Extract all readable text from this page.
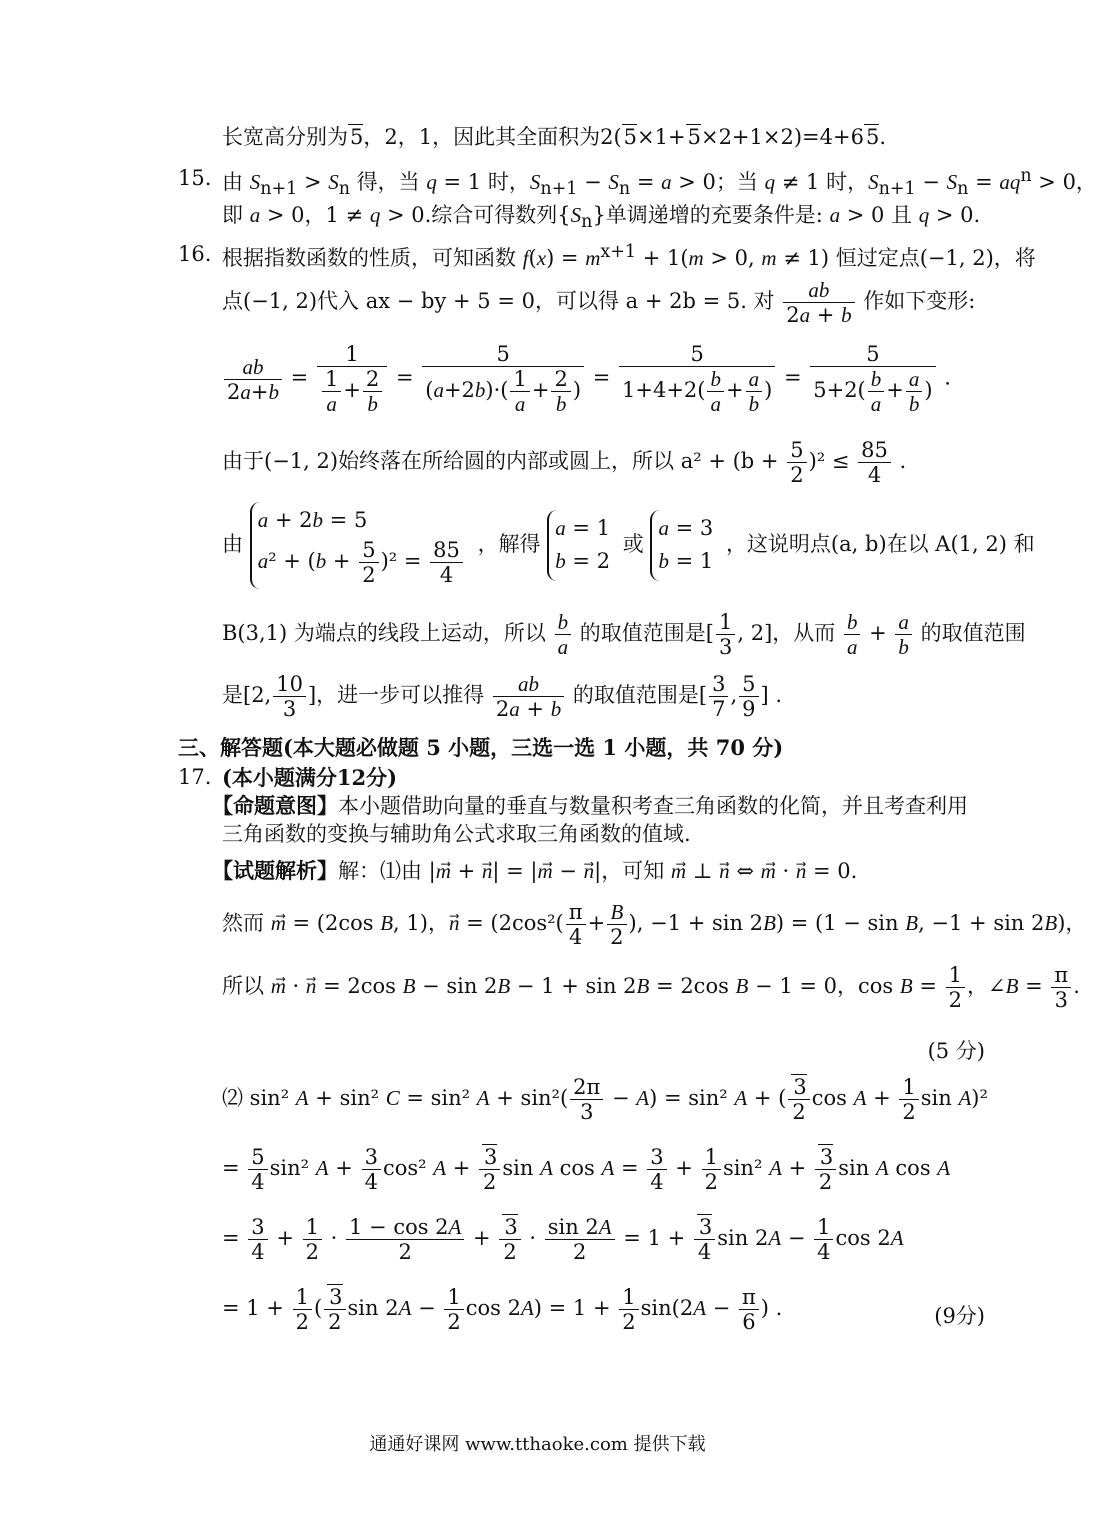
长宽高分别为5，2，1，因此其全面积为2(5×1+5×2+1×2)=4+65.
15. 由 $S_{n+1} > S_n$ 得，当 q = 1 时，$S_{n+1} - S_n = a > 0$；当 q ≠ 1 时，$S_{n+1} - S_n = aq^n > 0$，
即 a > 0，1 ≠ q > 0.综合可得数列$\{S_n\}$单调递增的充要条件是: a > 0 且 q > 0.
16. 根据指数函数的性质，可知函数 $f(x) = m^{x+1} + 1(m > 0$, m ≠ 1) 恒过定点(−1, 2)，将
点(−1, 2)代入 ax − by + 5 = 0，可以得 a + 2b = 5. 对 $\frac{ab}{2a + b}$ 作如下变形:
$\frac{ab}{2a+b} = \frac{1}{\frac{1}{a} + \frac{2}{b}} = \frac{5}{(a+2b)\cdot( \frac{1}{a} + \frac{2}{b} )} = \frac{5}{1+4+2( \frac{b}{a} + \frac{a}{b} )} = \frac{5}{5+2( \frac{b}{a} + \frac{a}{b} )}$ .
由于(−1, 2)始终落在所给圆的内部或圆上，所以 $a^2 + (b + \frac{5}{2} )^2 \le \frac{85}{4}$ .
由
a + 2b = 5
$a^2 + (b + \frac{5}{2} )^2 = \frac{85}{4}$ ，解得
a = 1
b = 2
或
a = 3
b = 1
，这说明点(a, b)在以 A(1, 2) 和
B(3,1) 为端点的线段上运动，所以 $\frac{b}{a}$ 的取值范围是[ $\frac{1}{3}$ , 2]，从而 $\frac{b}{a} + \frac{a}{b}$ 的取值范围
是[2, $\frac{10}{3}$ ]，进一步可以推得 $\frac{ab}{2a + b}$ 的取值范围是[ $\frac{3}{7}$ , $\frac{5}{9}$ ] .
三、解答题(本大题必做题 5 小题，三选一选 1 小题，共 70 分)
17. (本小题满分12分)
【命题意图】本小题借助向量的垂直与数量积考查三角函数的化简，并且考查利用
三角函数的变换与辅助角公式求取三角函数的值域.
【试题解析】解：⑴由 |m⃗ + n⃗| = |m⃗ − n⃗|，可知 m⃗ ⊥ n⃗ ⇔ m⃗ · n⃗ = 0.
然而 m⃗ = (2cos B, 1)，n⃗ = ($2\cos^2( \frac{\pi}{4} + \frac{B}{2}$ ), −1 + sin 2B) = (1 − sin B, −1 + sin 2B)，
所以 m⃗ · n⃗ = 2cos B − sin 2B − 1 + sin 2B = 2cos B − 1 = 0，$\cos B = \frac{1}{2}$ ，∠B = $\frac{\pi}{3}$ .
(5 分)
⑵ sin² A + sin² C = sin² $A + \sin^2( \frac{2\pi}{3} - A) = \sin^2$ A + ( $\frac{3}{2}$ $\cos A + \frac{1}{2}$ sin A)²
= $\frac{5}{4} \sin^2$ $A + \frac{3}{4} \cos^2$ $A + \frac{3}{2}$ sin A $\cos A = \frac{3}{4} + \frac{1}{2} \sin^2$ $A + \frac{3}{2}$ sin A cos A
= $\frac{3}{4} + \frac{1}{2} \cdot \frac{1 - \cos 2A}{2} + \frac{3}{2} \cdot \frac{\sin 2A}{2} = 1 + \frac{3}{4}$ $\sin 2A - \frac{1}{4}$ cos 2A
= $1 + \frac{1}{2}$ ( $\frac{3}{2}$ $\sin 2A - \frac{1}{2}$ $\cos 2A) = 1 + \frac{1}{2} \sin(2A - \frac{\pi}{6}$ ) .	(9分)
通通好课网 www.tthaoke.com 提供下载
